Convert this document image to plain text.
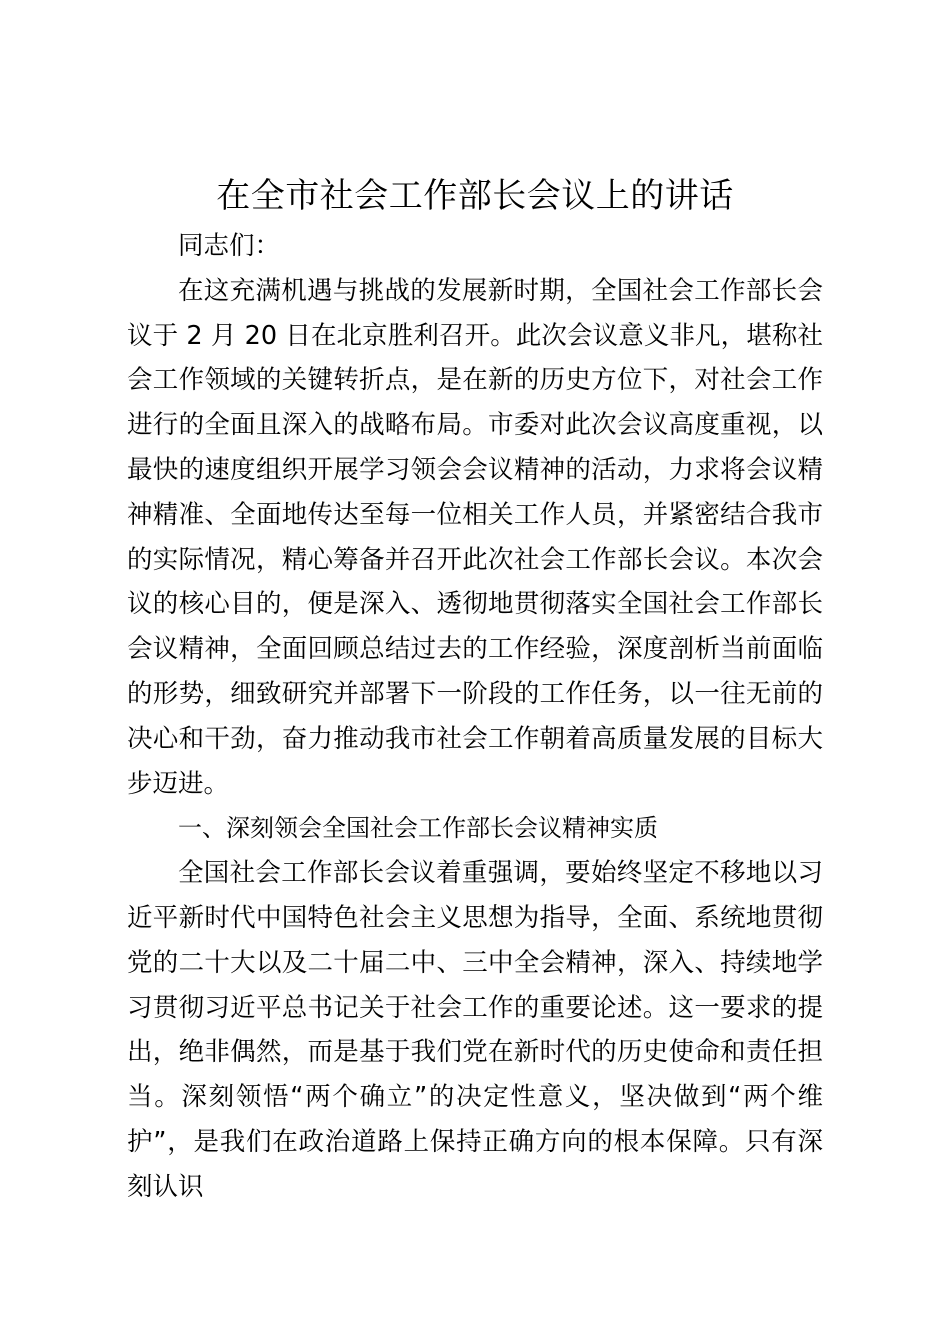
在全市社会工作部长会议上的讲话

同志们：

在这充满机遇与挑战的发展新时期，全国社会工作部长会议于 2 月 20 日在北京胜利召开。此次会议意义非凡，堪称社会工作领域的关键转折点，是在新的历史方位下，对社会工作进行的全面且深入的战略布局。市委对此次会议高度重视，以最快的速度组织开展学习领会会议精神的活动，力求将会议精神精准、全面地传达至每一位相关工作人员，并紧密结合我市的实际情况，精心筹备并召开此次社会工作部长会议。本次会议的核心目的，便是深入、透彻地贯彻落实全国社会工作部长会议精神，全面回顾总结过去的工作经验，深度剖析当前面临的形势，细致研究并部署下一阶段的工作任务，以一往无前的决心和干劲，奋力推动我市社会工作朝着高质量发展的目标大步迈进。

一、深刻领会全国社会工作部长会议精神实质

全国社会工作部长会议着重强调，要始终坚定不移地以习近平新时代中国特色社会主义思想为指导，全面、系统地贯彻党的二十大以及二十届二中、三中全会精神，深入、持续地学习贯彻习近平总书记关于社会工作的重要论述。这一要求的提出，绝非偶然，而是基于我们党在新时代的历史使命和责任担当。深刻领悟“两个确立”的决定性意义，坚决做到“两个维护”，是我们在政治道路上保持正确方向的根本保障。只有深刻认识
